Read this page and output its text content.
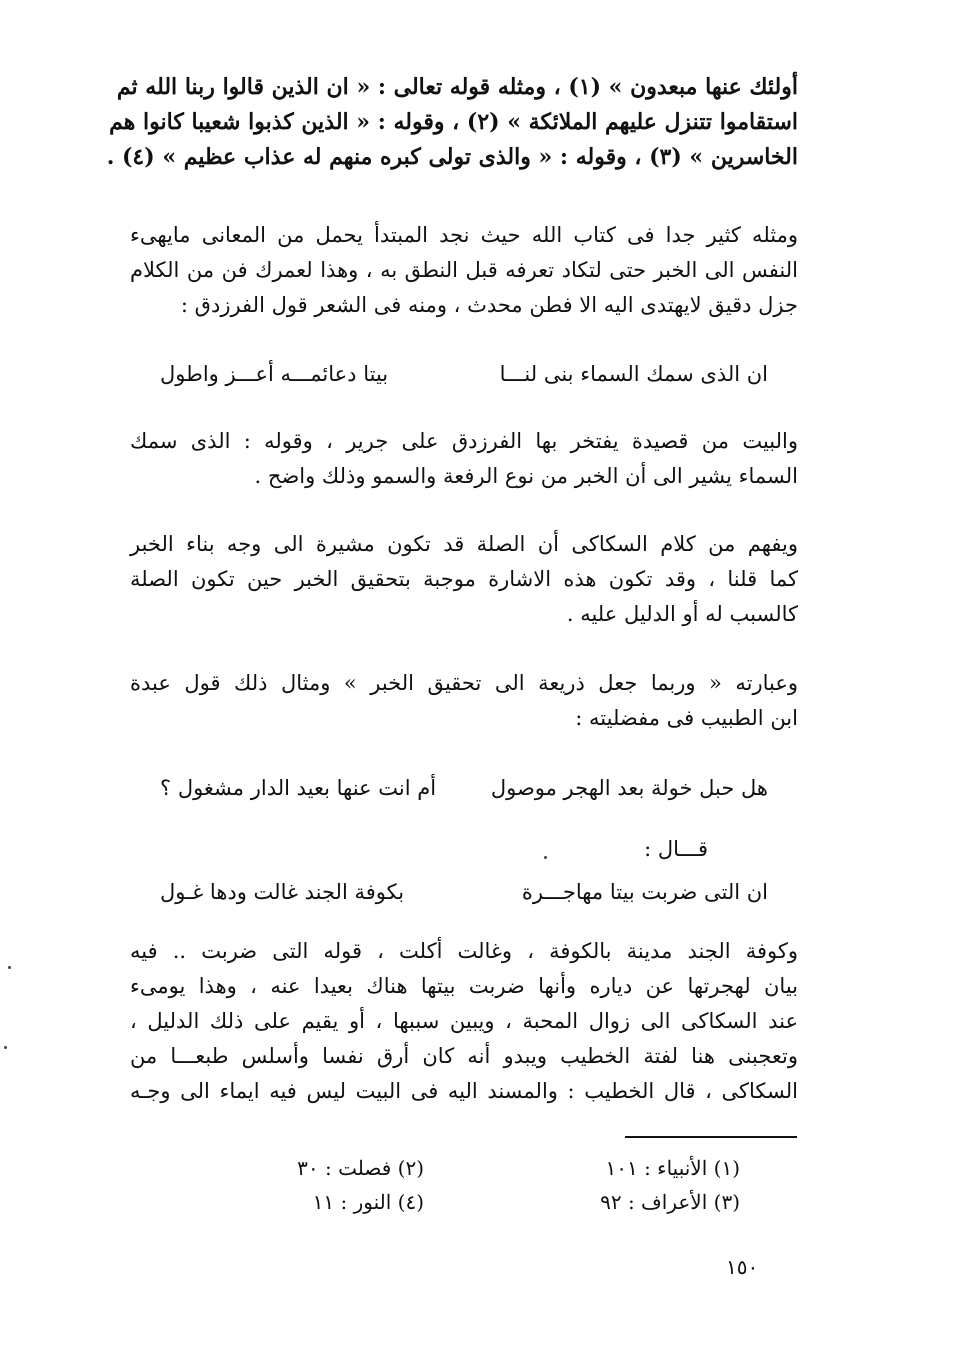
أولئك عنها مبعدون » (١) ، ومثله قوله تعالى : « ان الذين قالوا ربنا الله ثم
استقاموا تتنزل عليهم الملائكة » (٢) ، وقوله : « الذين كذبوا شعيبا كانوا هم
الخاسرين » (٣) ، وقوله : « والذى تولى كبره منهم له عذاب عظيم » (٤) .
ومثله كثير جدا فى كتاب الله حيث نجد المبتدأ يحمل من المعانى مايهىء
النفس الى الخبر حتى لتكاد تعرفه قبل النطق به ، وهذا لعمرك فن من الكلام
جزل دقيق لايهتدى اليه الا فطن محدث ، ومنه فى الشعر قول الفرزدق :
ان الذى سمك السماء بنى لنـــا
بيتا دعائمـــه أعـــز واطول
والبيت من قصيدة يفتخر بها الفرزدق على جرير ، وقوله : الذى سمك
السماء يشير الى أن الخبر من نوع الرفعة والسمو وذلك واضح .
ويفهم من كلام السكاكى أن الصلة قد تكون مشيرة الى وجه بناء الخبر
كما قلنا ، وقد تكون هذه الاشارة موجبة بتحقيق الخبر حين تكون الصلة
كالسبب له أو الدليل عليه .
وعبارته « وربما جعل ذريعة الى تحقيق الخبر » ومثال ذلك قول عبدة
ابن الطبيب فى مفضليته :
هل حبل خولة بعد الهجر موصول
أم انت عنها بعيد الدار مشغول ؟
قـــال :
ان التى ضربت بيتا مهاجـــرة
بكوفة الجند غالت ودها غـول
وكوفة الجند مدينة بالكوفة ، وغالت أكلت ، قوله التى ضربت .. فيه
بيان لهجرتها عن دياره وأنها ضربت بيتها هناك بعيدا عنه ، وهذا يومىء
عند السكاكى الى زوال المحبة ، ويبين سببها ، أو يقيم على ذلك الدليل ،
وتعجبنى هنا لفتة الخطيب ويبدو أنه كان أرق نفسا وأسلس طبعـــا من
السكاكى ، قال الخطيب : والمسند اليه فى البيت ليس فيه ايماء الى وجـه
(١) الأنبياء : ١٠١
(٢) فصلت : ٣٠
(٣) الأعراف : ٩٢
(٤) النور : ١١
١٥٠
